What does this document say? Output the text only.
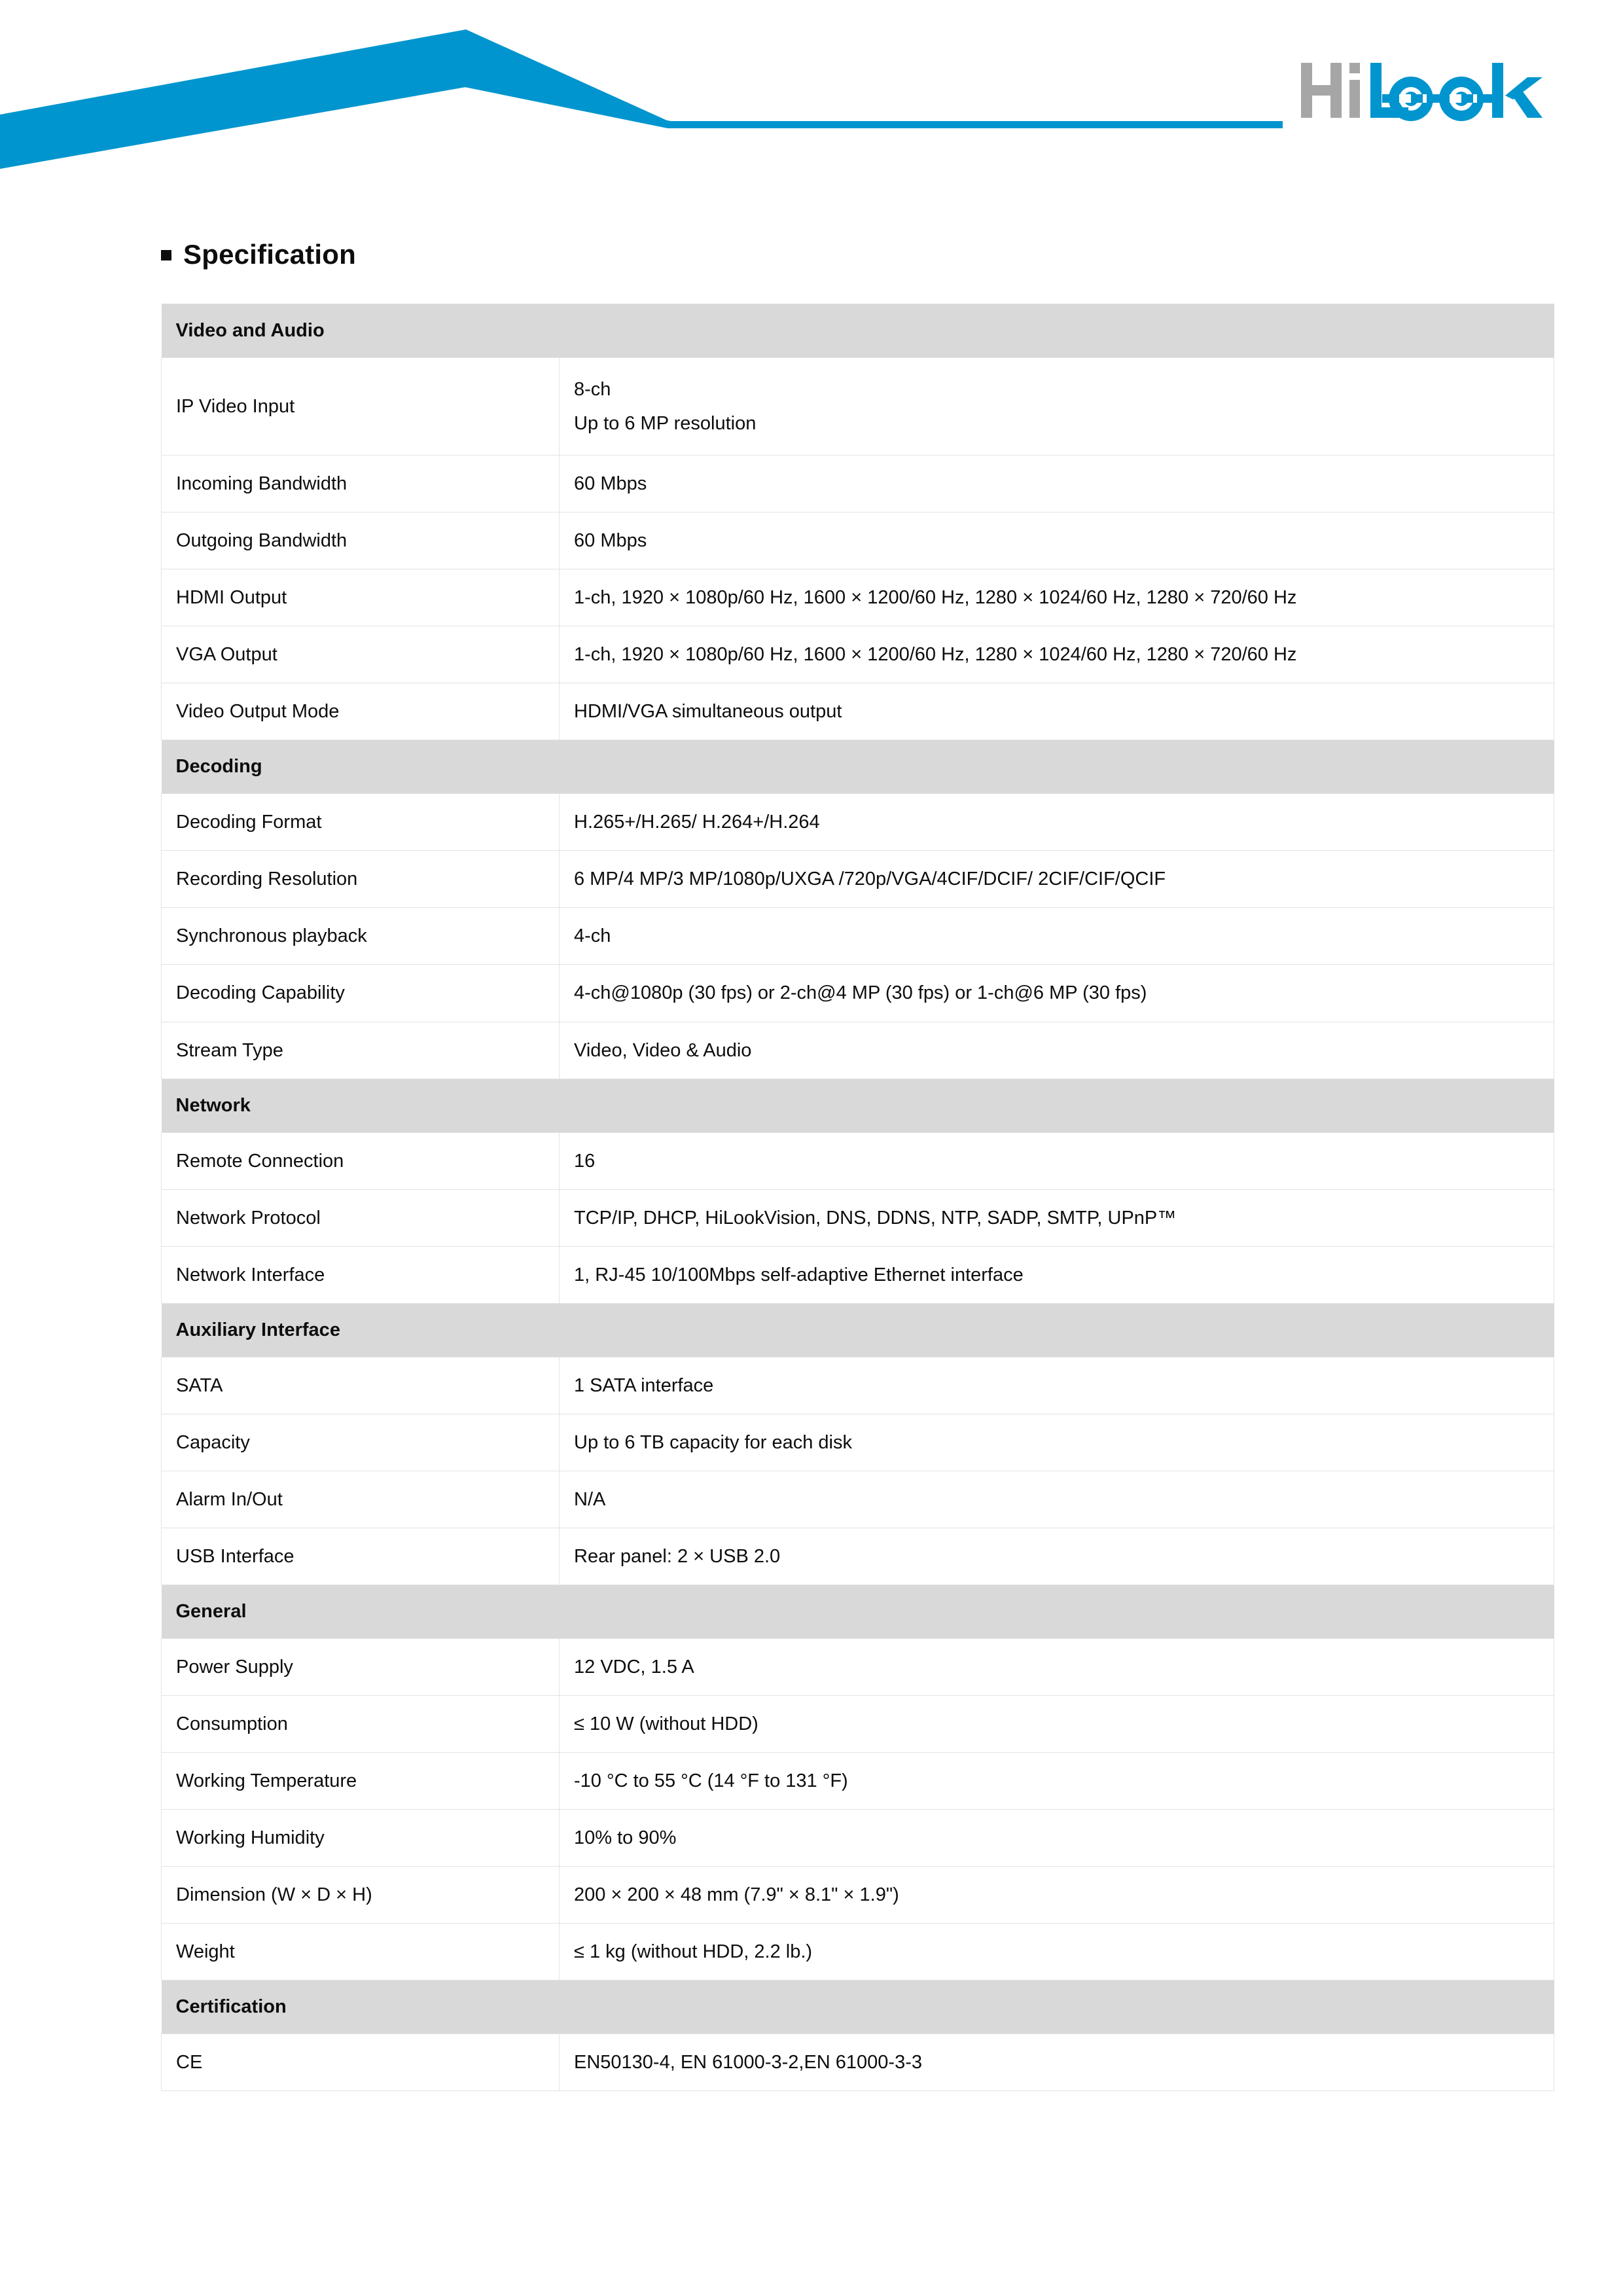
Specification
Video and Audio	
IP Video Input	8-ch
Up to 6 MP resolution

Incoming Bandwidth	60 Mbps
Outgoing Bandwidth	60 Mbps
HDMI Output	1-ch, 1920 × 1080p/60 Hz, 1600 × 1200/60 Hz, 1280 × 1024/60 Hz, 1280 × 720/60 Hz
VGA Output	1-ch, 1920 × 1080p/60 Hz, 1600 × 1200/60 Hz, 1280 × 1024/60 Hz, 1280 × 720/60 Hz
Video Output Mode	HDMI/VGA simultaneous output
Decoding	
Decoding Format	H.265+/H.265/ H.264+/H.264
Recording Resolution	6 MP/4 MP/3 MP/1080p/UXGA /720p/VGA/4CIF/DCIF/ 2CIF/CIF/QCIF
Synchronous playback	4-ch
Decoding Capability	4-ch@1080p (30 fps) or 2-ch@4 MP (30 fps) or 1-ch@6 MP (30 fps)
Stream Type	Video, Video & Audio
Network	
Remote Connection	16
Network Protocol	TCP/IP, DHCP, HiLookVision, DNS, DDNS, NTP, SADP, SMTP, UPnP™
Network Interface	1, RJ-45 10/100Mbps self-adaptive Ethernet interface
Auxiliary Interface	
SATA	1 SATA interface
Capacity	Up to 6 TB capacity for each disk
Alarm In/Out	N/A
USB Interface	Rear panel: 2 × USB 2.0
General	
Power Supply	12 VDC, 1.5 A
Consumption	≤ 10 W (without HDD)
Working Temperature	-10 °C to 55 °C (14 °F to 131 °F)
Working Humidity	10% to 90%
Dimension (W × D × H)	200 × 200 × 48 mm (7.9" × 8.1" × 1.9")
Weight	≤ 1 kg (without HDD, 2.2 lb.)
Certification	
CE	EN50130-4, EN 61000-3-2,EN 61000-3-3
